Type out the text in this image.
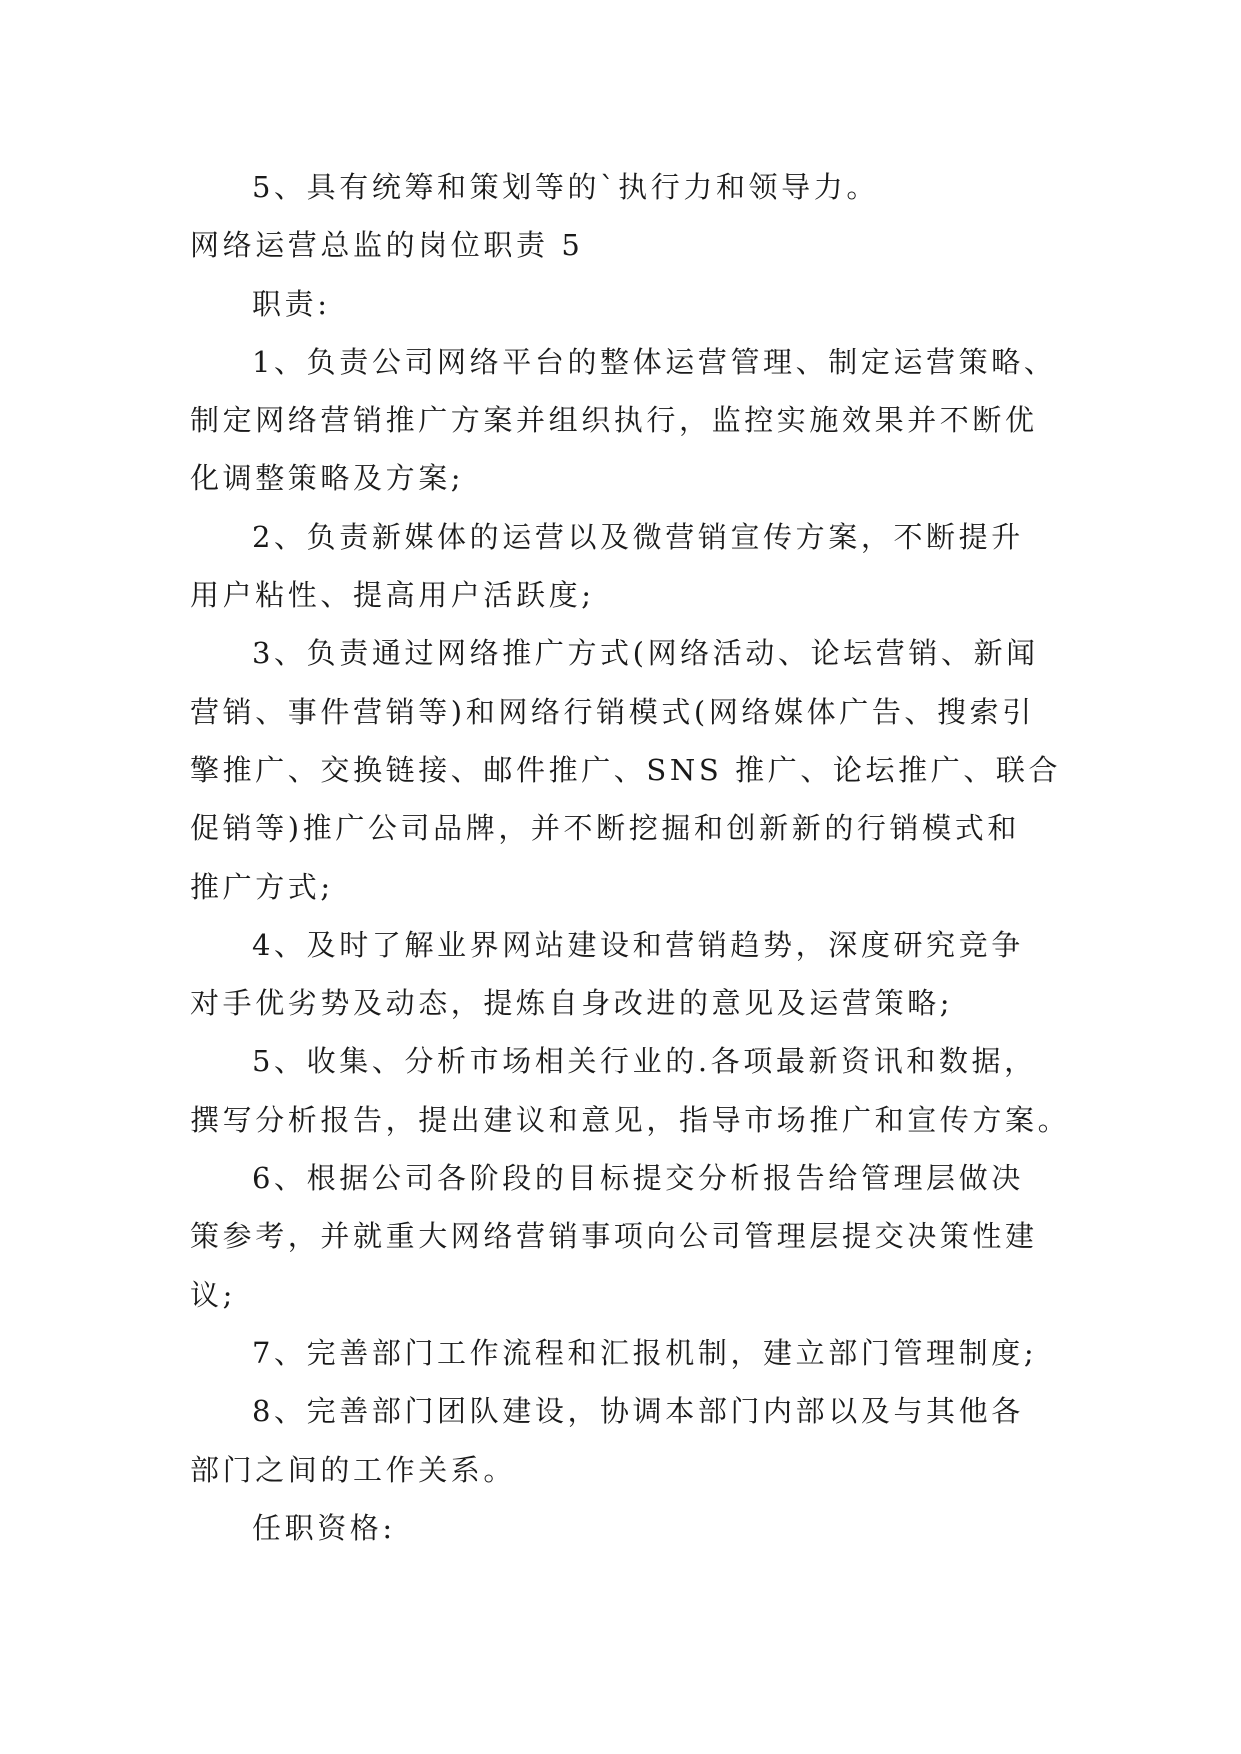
5、具有统筹和策划等的`执行力和领导力。

网络运营总监的岗位职责 5

职责:

1、负责公司网络平台的整体运营管理、制定运营策略、

制定网络营销推广方案并组织执行，监控实施效果并不断优

化调整策略及方案;

2、负责新媒体的运营以及微营销宣传方案，不断提升

用户粘性、提高用户活跃度;

3、负责通过网络推广方式(网络活动、论坛营销、新闻

营销、事件营销等)和网络行销模式(网络媒体广告、搜索引

擎推广、交换链接、邮件推广、SNS 推广、论坛推广、联合

促销等)推广公司品牌，并不断挖掘和创新新的行销模式和

推广方式;

4、及时了解业界网站建设和营销趋势，深度研究竞争

对手优劣势及动态，提炼自身改进的意见及运营策略;

5、收集、分析市场相关行业的.各项最新资讯和数据，

撰写分析报告，提出建议和意见，指导市场推广和宣传方案。

6、根据公司各阶段的目标提交分析报告给管理层做决

策参考，并就重大网络营销事项向公司管理层提交决策性建

议;

7、完善部门工作流程和汇报机制，建立部门管理制度;

8、完善部门团队建设，协调本部门内部以及与其他各

部门之间的工作关系。

任职资格:
